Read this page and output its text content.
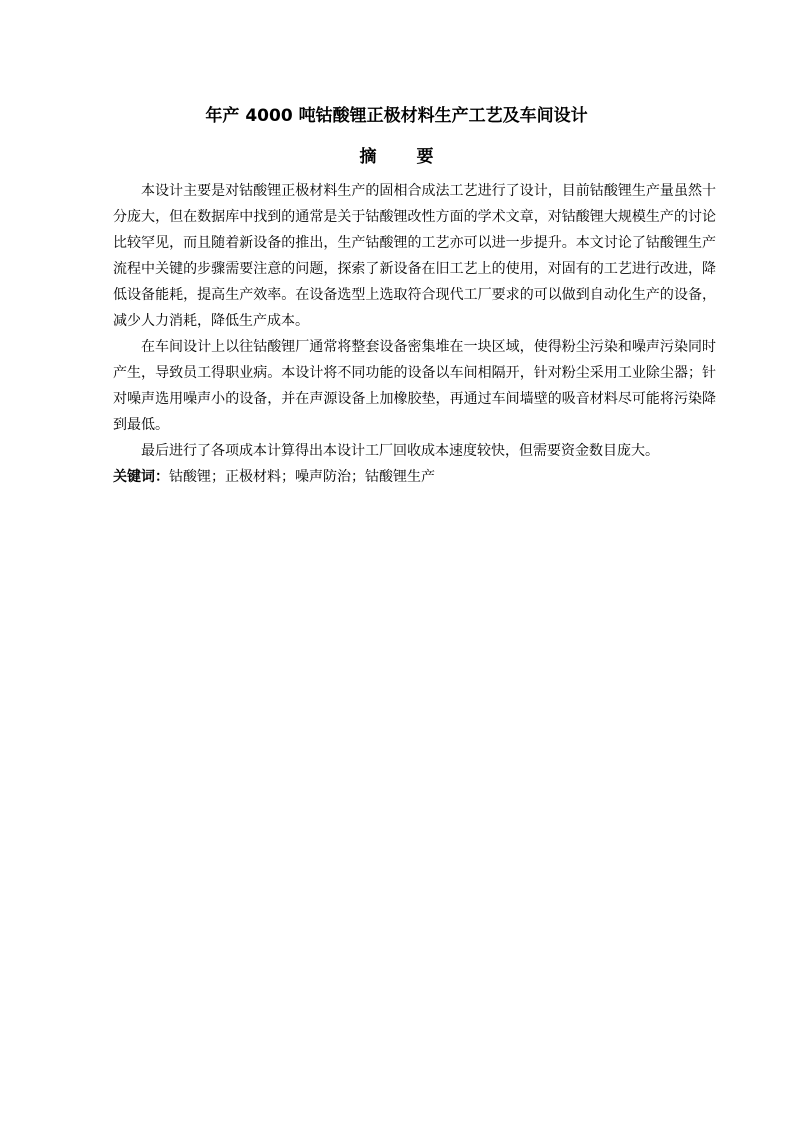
年产 4000 吨钴酸锂正极材料生产工艺及车间设计
摘要

本设计主要是对钴酸锂正极材料生产的固相合成法工艺进行了设计，目前钴酸锂生产量虽然十分庞大，但在数据库中找到的通常是关于钴酸锂改性方面的学术文章，对钴酸锂大规模生产的讨论比较罕见，而且随着新设备的推出，生产钴酸锂的工艺亦可以进一步提升。本文讨论了钴酸锂生产流程中关键的步骤需要注意的问题，探索了新设备在旧工艺上的使用，对固有的工艺进行改进，降低设备能耗，提高生产效率。在设备选型上选取符合现代工厂要求的可以做到自动化生产的设备，减少人力消耗，降低生产成本。

在车间设计上以往钴酸锂厂通常将整套设备密集堆在一块区域，使得粉尘污染和噪声污染同时产生，导致员工得职业病。本设计将不同功能的设备以车间相隔开，针对粉尘采用工业除尘器；针对噪声选用噪声小的设备，并在声源设备上加橡胶垫，再通过车间墙壁的吸音材料尽可能将污染降到最低。

最后进行了各项成本计算得出本设计工厂回收成本速度较快，但需要资金数目庞大。

关键词：钴酸锂；正极材料；噪声防治；钴酸锂生产
